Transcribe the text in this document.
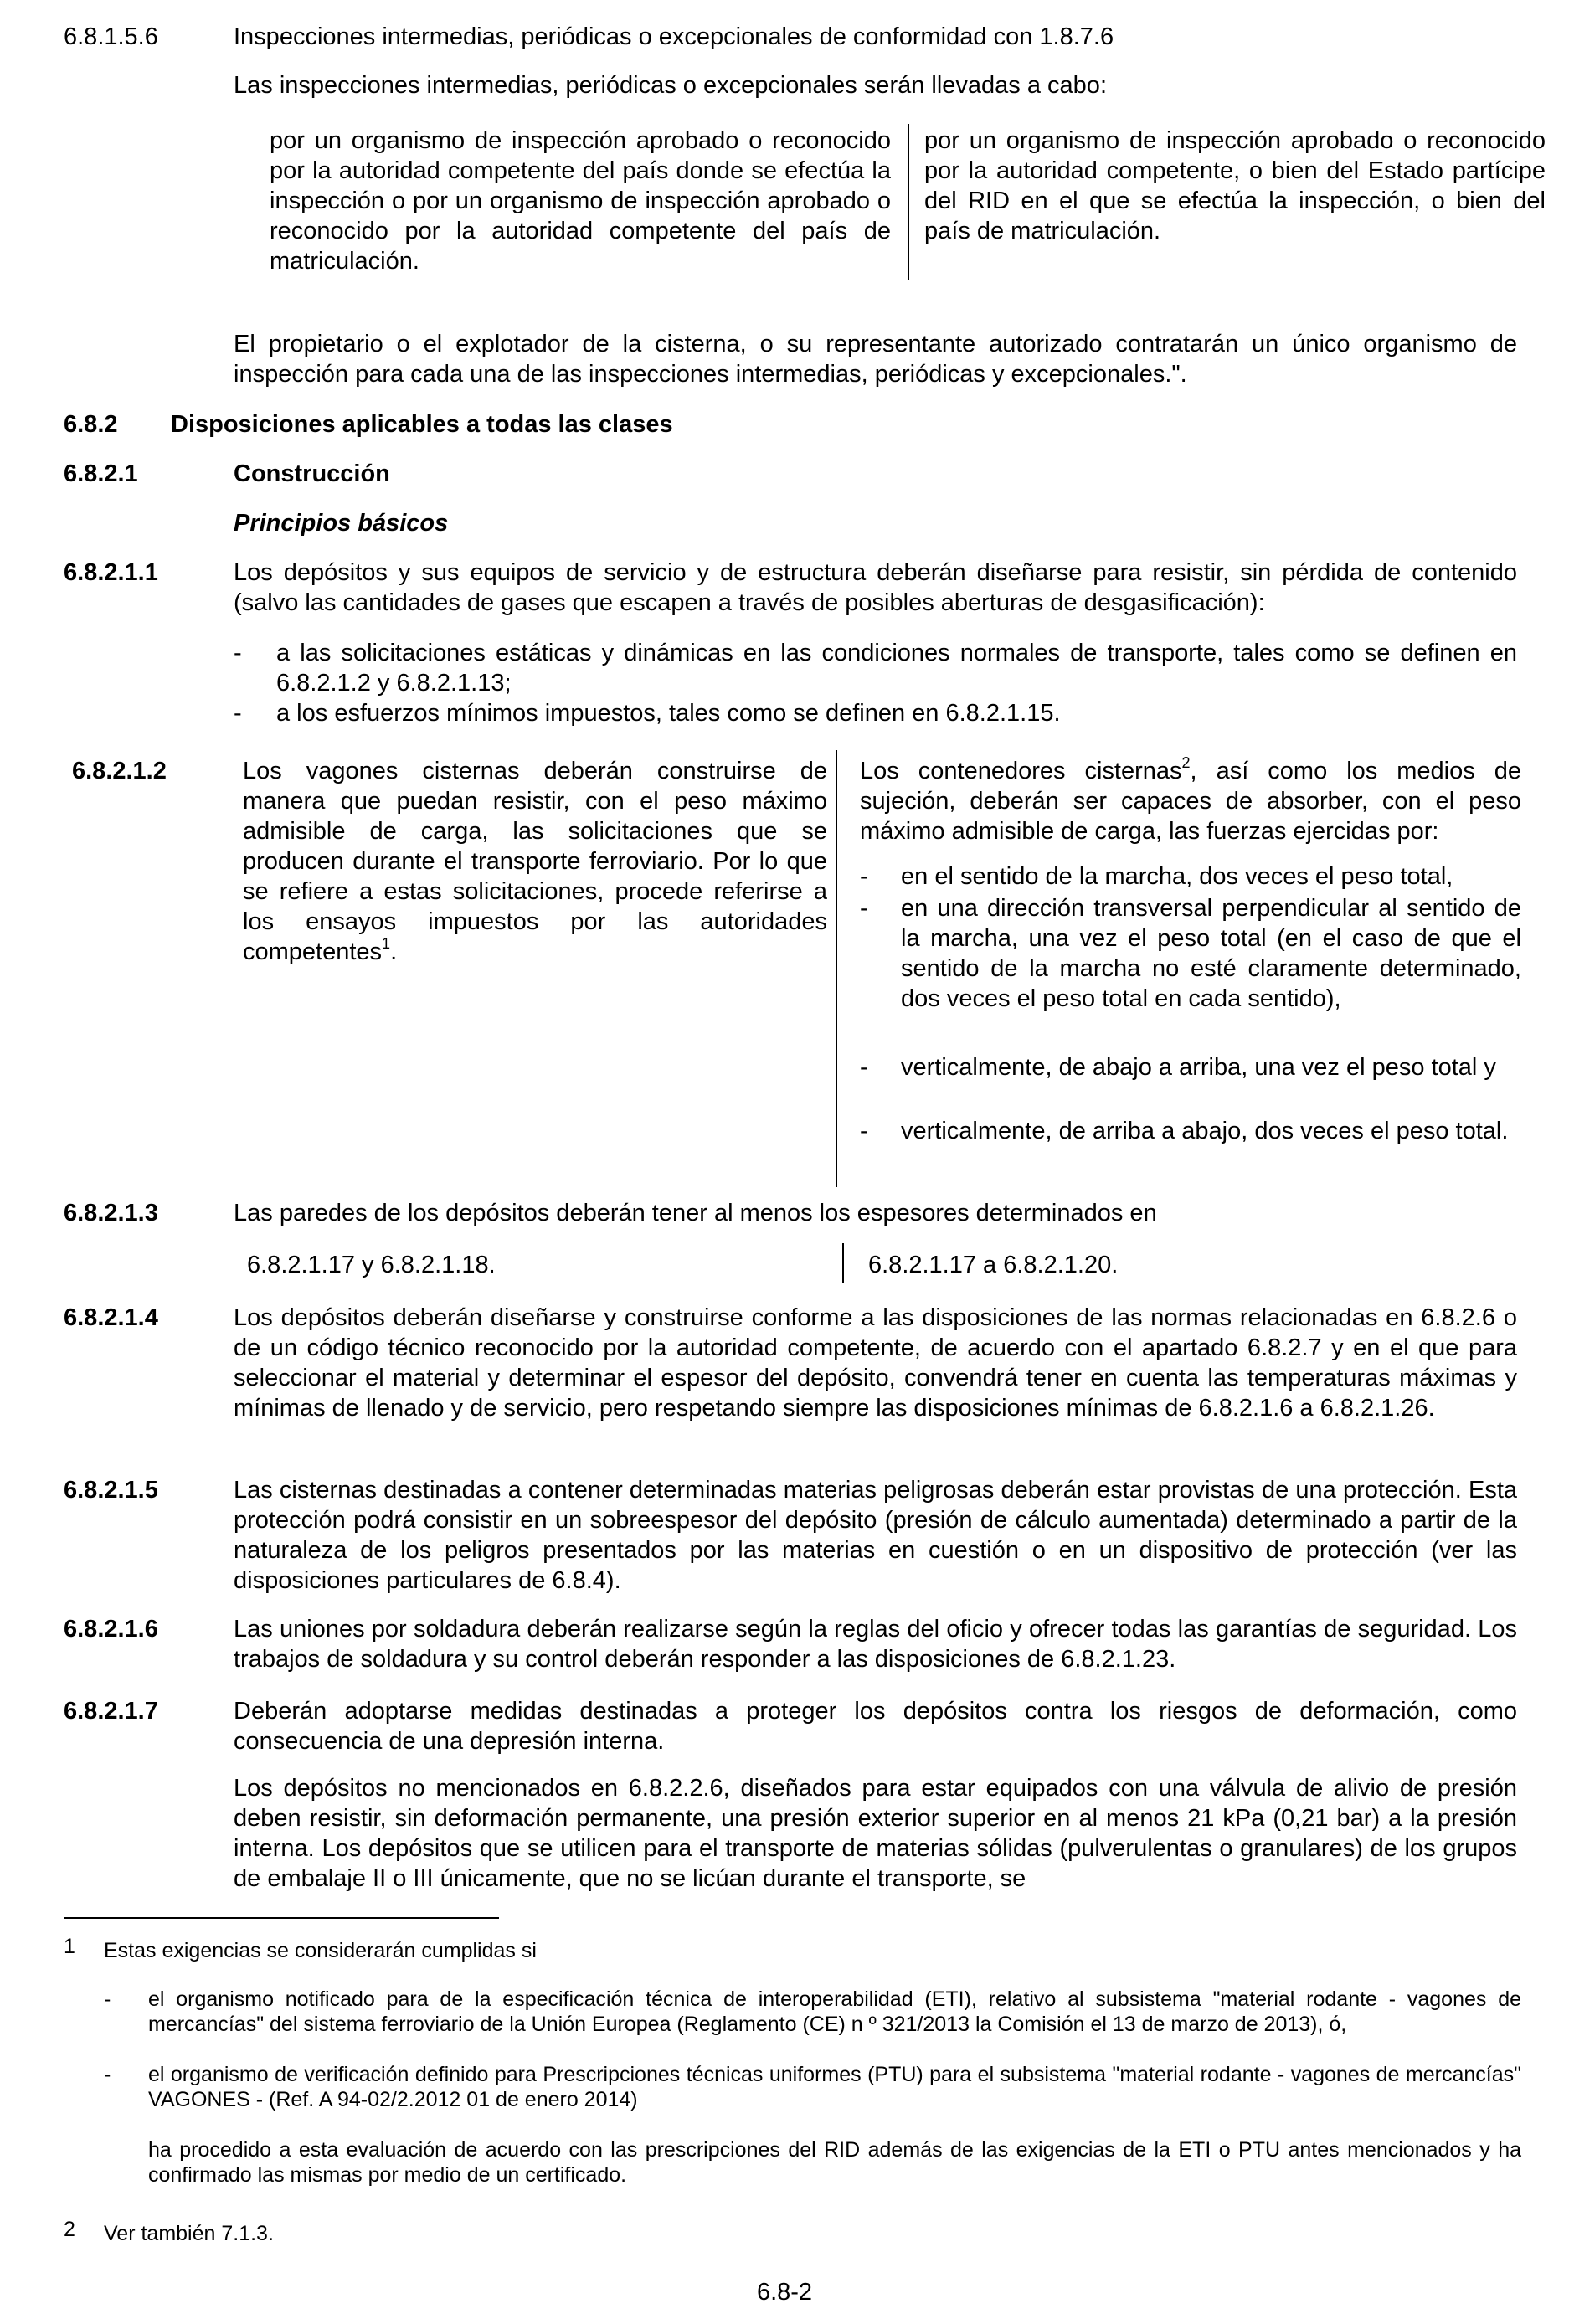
6.8.1.5.6	Inspecciones intermedias, periódicas o excepcionales de conformidad con 1.8.7.6
Las inspecciones intermedias, periódicas o excepcionales serán llevadas a cabo:
por un organismo de inspección aprobado o reconocido por la autoridad competente del país donde se efectúa la inspección o por un organismo de inspección aprobado o reconocido por la autoridad competente del país de matriculación.
por un organismo de inspección aprobado o reconocido por la autoridad competente, o bien del Estado partícipe del RID en el que se efectúa la inspección, o bien del país de matriculación.
El propietario o el explotador de la cisterna, o su representante autorizado contratarán un único organismo de inspección para cada una de las inspecciones intermedias, periódicas y excepcionales.".
6.8.2 Disposiciones aplicables a todas las clases
6.8.2.1	Construcción
Principios básicos
6.8.2.1.1	Los depósitos y sus equipos de servicio y de estructura deberán diseñarse para resistir, sin pérdida de contenido (salvo las cantidades de gases que escapen a través de posibles aberturas de desgasificación):
- a las solicitaciones estáticas y dinámicas en las condiciones normales de transporte, tales como se definen en 6.8.2.1.2 y 6.8.2.1.13;
- a los esfuerzos mínimos impuestos, tales como se definen en 6.8.2.1.15.
6.8.2.1.2	Los vagones cisternas deberán construirse de manera que puedan resistir, con el peso máximo admisible de carga, las solicitaciones que se producen durante el transporte ferroviario. Por lo que se refiere a estas solicitaciones, procede referirse a los ensayos impuestos por las autoridades competentes$^1$.
Los contenedores cisternas$^2$, así como los medios de sujeción, deberán ser capaces de absorber, con el peso máximo admisible de carga, las fuerzas ejercidas por:
- en el sentido de la marcha, dos veces el peso total,
- en una dirección transversal perpendicular al sentido de la marcha, una vez el peso total (en el caso de que el sentido de la marcha no esté claramente determinado, dos veces el peso total en cada sentido),
- verticalmente, de abajo a arriba, una vez el peso total y
- verticalmente, de arriba a abajo, dos veces el peso total.
6.8.2.1.3	Las paredes de los depósitos deberán tener al menos los espesores determinados en
6.8.2.1.17 y 6.8.2.1.18.	6.8.2.1.17 a 6.8.2.1.20.
6.8.2.1.4	Los depósitos deberán diseñarse y construirse conforme a las disposiciones de las normas relacionadas en 6.8.2.6 o de un código técnico reconocido por la autoridad competente, de acuerdo con el apartado 6.8.2.7 y en el que para seleccionar el material y determinar el espesor del depósito, convendrá tener en cuenta las temperaturas máximas y mínimas de llenado y de servicio, pero respetando siempre las disposiciones mínimas de 6.8.2.1.6 a 6.8.2.1.26.
6.8.2.1.5	Las cisternas destinadas a contener determinadas materias peligrosas deberán estar provistas de una protección. Esta protección podrá consistir en un sobreespesor del depósito (presión de cálculo aumentada) determinado a partir de la naturaleza de los peligros presentados por las materias en cuestión o en un dispositivo de protección (ver las disposiciones particulares de 6.8.4).
6.8.2.1.6	Las uniones por soldadura deberán realizarse según la reglas del oficio y ofrecer todas las garantías de seguridad. Los trabajos de soldadura y su control deberán responder a las disposiciones de 6.8.2.1.23.
6.8.2.1.7	Deberán adoptarse medidas destinadas a proteger los depósitos contra los riesgos de deformación, como consecuencia de una depresión interna.
Los depósitos no mencionados en 6.8.2.2.6, diseñados para estar equipados con una válvula de alivio de presión deben resistir, sin deformación permanente, una presión exterior superior en al menos 21 kPa (0,21 bar) a la presión interna. Los depósitos que se utilicen para el transporte de materias sólidas (pulverulentas o granulares) de los grupos de embalaje II o III únicamente, que no se licúan durante el transporte, se
1 Estas exigencias se considerarán cumplidas si
- el organismo notificado para de la especificación técnica de interoperabilidad (ETI), relativo al subsistema "material rodante - vagones de mercancías" del sistema ferroviario de la Unión Europea (Reglamento (CE) n º 321/2013 la Comisión el 13 de marzo de 2013), ó,
- el organismo de verificación definido para Prescripciones técnicas uniformes (PTU) para el subsistema "material rodante - vagones de mercancías" VAGONES - (Ref. A 94-02/2.2012 01 de enero 2014)
ha procedido a esta evaluación de acuerdo con las prescripciones del RID además de las exigencias de la ETI o PTU antes mencionados y ha confirmado las mismas por medio de un certificado.
2 Ver también 7.1.3.
6.8-2
